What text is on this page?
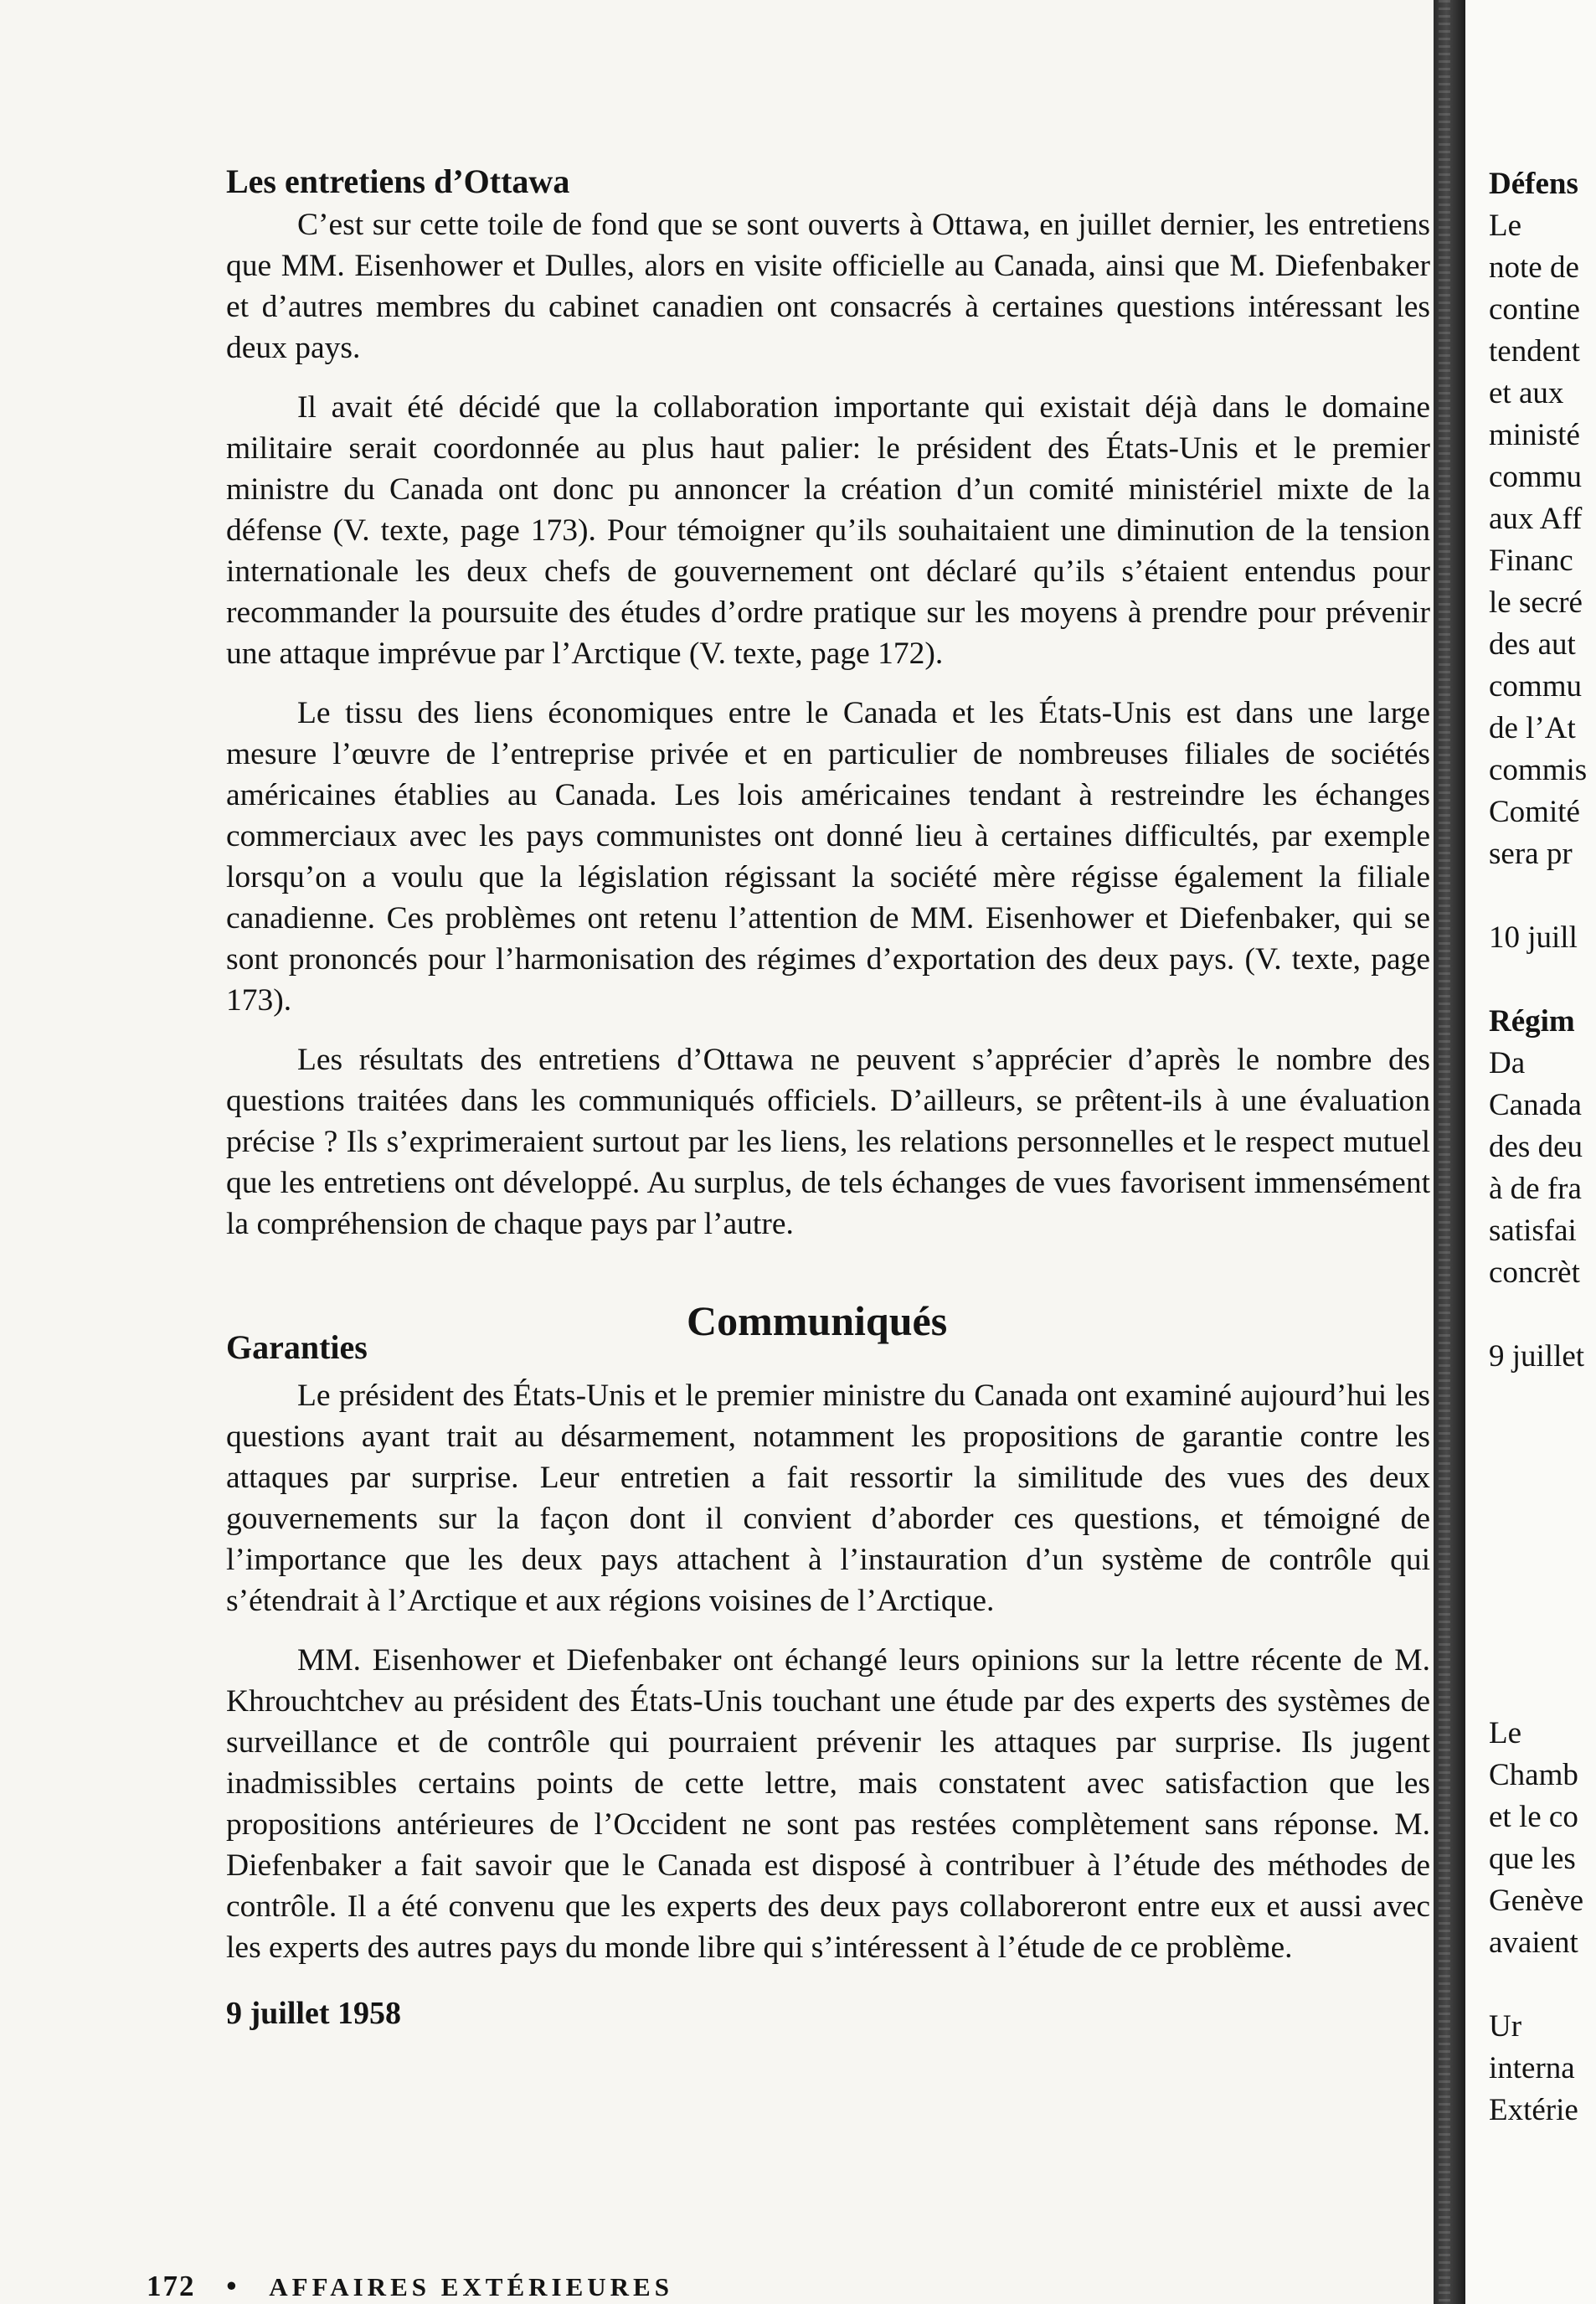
Défens
Le
note de
contine
tendent
et aux
ministé
commu
aux Aff
Financ
le secré
des aut
commu
de l’At
commis
Comité
sera pr
10 juill
Régim
Da
Canada
des deu
à de fra
satisfai
concrèt
9 juillet
Le
Chamb
et le co
que les
Genève
avaient
Ur
interna
Extérie
Les entretiens d’Ottawa

C’est sur cette toile de fond que se sont ouverts à Ottawa, en juillet dernier, les entretiens que MM. Eisenhower et Dulles, alors en visite officielle au Canada, ainsi que M. Diefenbaker et d’autres membres du cabinet canadien ont consacrés à certaines questions intéressant les deux pays.

Il avait été décidé que la collaboration importante qui existait déjà dans le domaine militaire serait coordonnée au plus haut palier: le président des États-Unis et le premier ministre du Canada ont donc pu annoncer la création d’un comité ministériel mixte de la défense (V. texte, page 173). Pour témoigner qu’ils souhaitaient une diminution de la tension internationale les deux chefs de gouvernement ont déclaré qu’ils s’étaient entendus pour recommander la poursuite des études d’ordre pratique sur les moyens à prendre pour prévenir une attaque imprévue par l’Arctique (V. texte, page 172).

Le tissu des liens économiques entre le Canada et les États-Unis est dans une large mesure l’œuvre de l’entreprise privée et en particulier de nombreuses filiales de sociétés américaines établies au Canada. Les lois américaines tendant à restreindre les échanges commerciaux avec les pays communistes ont donné lieu à certaines difficultés, par exemple lorsqu’on a voulu que la législation régissant la société mère régisse également la filiale canadienne. Ces problèmes ont retenu l’attention de MM. Eisenhower et Diefenbaker, qui se sont prononcés pour l’harmonisation des régimes d’exportation des deux pays. (V. texte, page 173).

Les résultats des entretiens d’Ottawa ne peuvent s’apprécier d’après le nombre des questions traitées dans les communiqués officiels. D’ailleurs, se prêtent-ils à une évaluation précise ? Ils s’exprimeraient surtout par les liens, les relations personnelles et le respect mutuel que les entretiens ont développé. Au surplus, de tels échanges de vues favorisent immensément la compréhension de chaque pays par l’autre.

Garanties
Communiqués

Le président des États-Unis et le premier ministre du Canada ont examiné aujourd’hui les questions ayant trait au désarmement, notamment les propositions de garantie contre les attaques par surprise. Leur entretien a fait ressortir la similitude des vues des deux gouvernements sur la façon dont il convient d’aborder ces questions, et témoigné de l’importance que les deux pays attachent à l’instauration d’un système de contrôle qui s’étendrait à l’Arctique et aux régions voisines de l’Arctique.

MM. Eisenhower et Diefenbaker ont échangé leurs opinions sur la lettre récente de M. Khrouchtchev au président des États-Unis touchant une étude par des experts des systèmes de surveillance et de contrôle qui pourraient prévenir les attaques par surprise. Ils jugent inadmissibles certains points de cette lettre, mais constatent avec satisfaction que les propositions antérieures de l’Occident ne sont pas restées complètement sans réponse. M. Diefenbaker a fait savoir que le Canada est disposé à contribuer à l’étude des méthodes de contrôle. Il a été convenu que les experts des deux pays collaboreront entre eux et aussi avec les experts des autres pays du monde libre qui s’intéressent à l’étude de ce problème.

9 juillet 1958
172 • AFFAIRES EXTÉRIEURES
